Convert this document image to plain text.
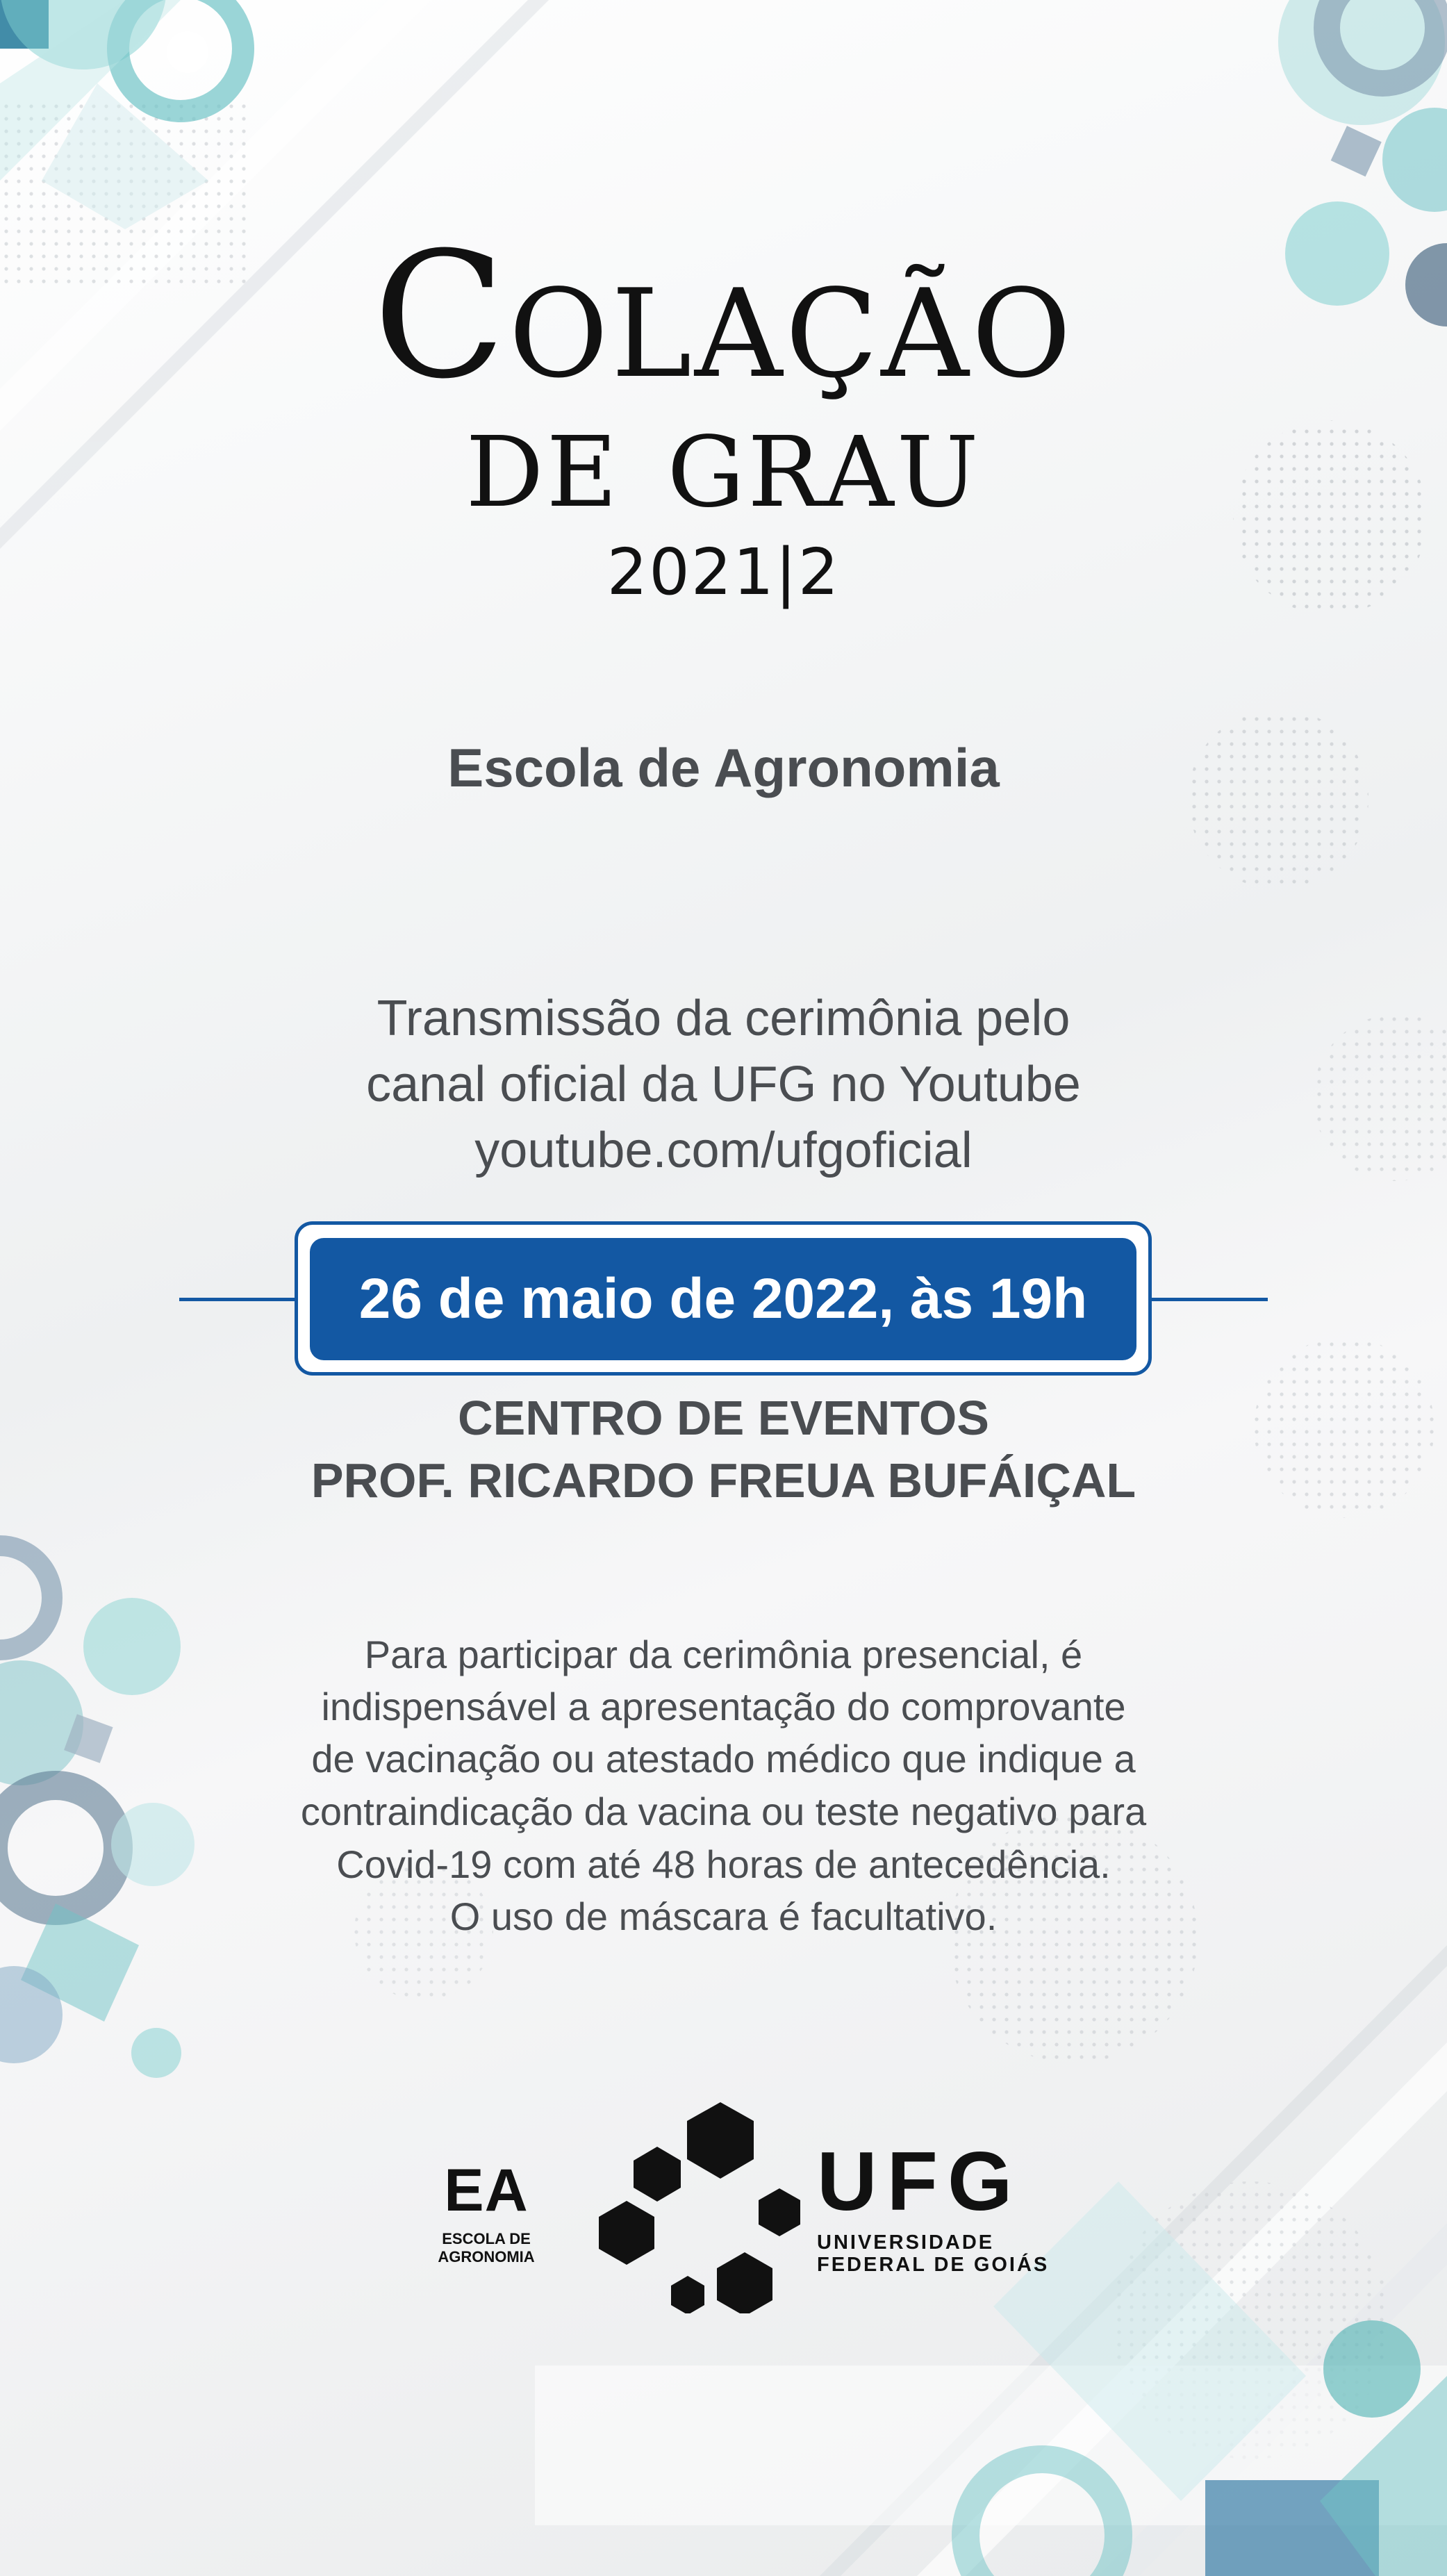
Colação
de grau
2021|2
Escola de Agronomia
Transmissão da cerimônia pelo
canal oficial da UFG no Youtube
youtube.com/ufgoficial
26 de maio de 2022, às 19h
CENTRO DE EVENTOS
PROF. RICARDO FREUA BUFÁIÇAL
Para participar da cerimônia presencial, é
indispensável a apresentação do comprovante
de vacinação ou atestado médico que indique a
contraindicação da vacina ou teste negativo para
Covid-19 com até 48 horas de antecedência.
O uso de máscara é facultativo.
EA
ESCOLA DE
AGRONOMIA
UFG
UNIVERSIDADE
FEDERAL DE GOIÁS
